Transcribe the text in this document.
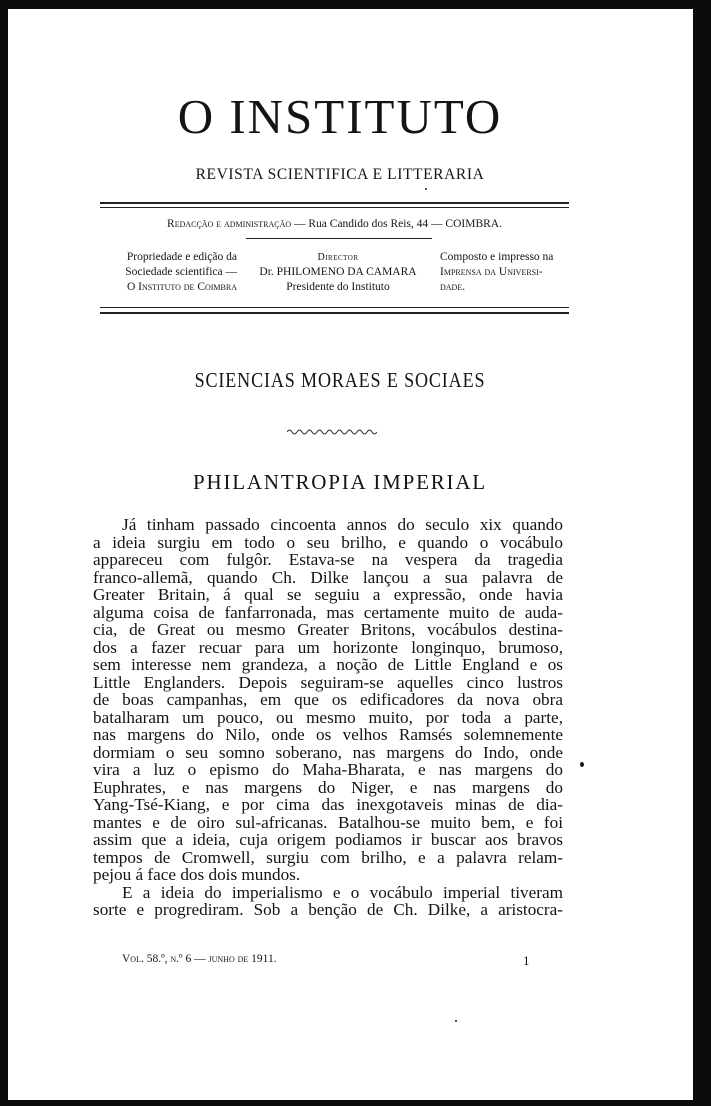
O INSTITUTO
REVISTA SCIENTIFICA E LITTERARIA
Redacção e administração — Rua Candido dos Reis, 44 — COIMBRA.
Propriedade e edição da
Sociedade scientifica —
O Instituto de Coimbra
Director
Dr. PHILOMENO DA CAMARA
Presidente do Instituto
Composto e impresso na
Imprensa da Universi-
dade.
SCIENCIAS MORAES E SOCIAES
PHILANTROPIA IMPERIAL
Já tinham passado cincoenta annos do seculo xix quando
a ideia surgiu em todo o seu brilho, e quando o vocábulo
appareceu com fulgôr. Estava-se na vespera da tragedia
franco-allemã, quando Ch. Dilke lançou a sua palavra de
Greater Britain, á qual se seguiu a expressão, onde havia
alguma coisa de fanfarronada, mas certamente muito de auda-
cia, de Great ou mesmo Greater Britons, vocábulos destina-
dos a fazer recuar para um horizonte longinquo, brumoso,
sem interesse nem grandeza, a noção de Little England e os
Little Englanders. Depois seguiram-se aquelles cinco lustros
de boas campanhas, em que os edificadores da nova obra
batalharam um pouco, ou mesmo muito, por toda a parte,
nas margens do Nilo, onde os velhos Ramsés solemnemente
dormiam o seu somno soberano, nas margens do Indo, onde
vira a luz o epismo do Maha-Bharata, e nas margens do
Euphrates, e nas margens do Niger, e nas margens do
Yang-Tsé-Kiang, e por cima das inexgotaveis minas de dia-
mantes e de oiro sul-africanas. Batalhou-se muito bem, e foi
assim que a ideia, cuja origem podiamos ir buscar aos bravos
tempos de Cromwell, surgiu com brilho, e a palavra relam-
pejou á face dos dois mundos.
E a ideia do imperialismo e o vocábulo imperial tiveram
sorte e progrediram. Sob a benção de Ch. Dilke, a aristocra-
Vol. 58.º, n.º 6 — junho de 1911.	1
